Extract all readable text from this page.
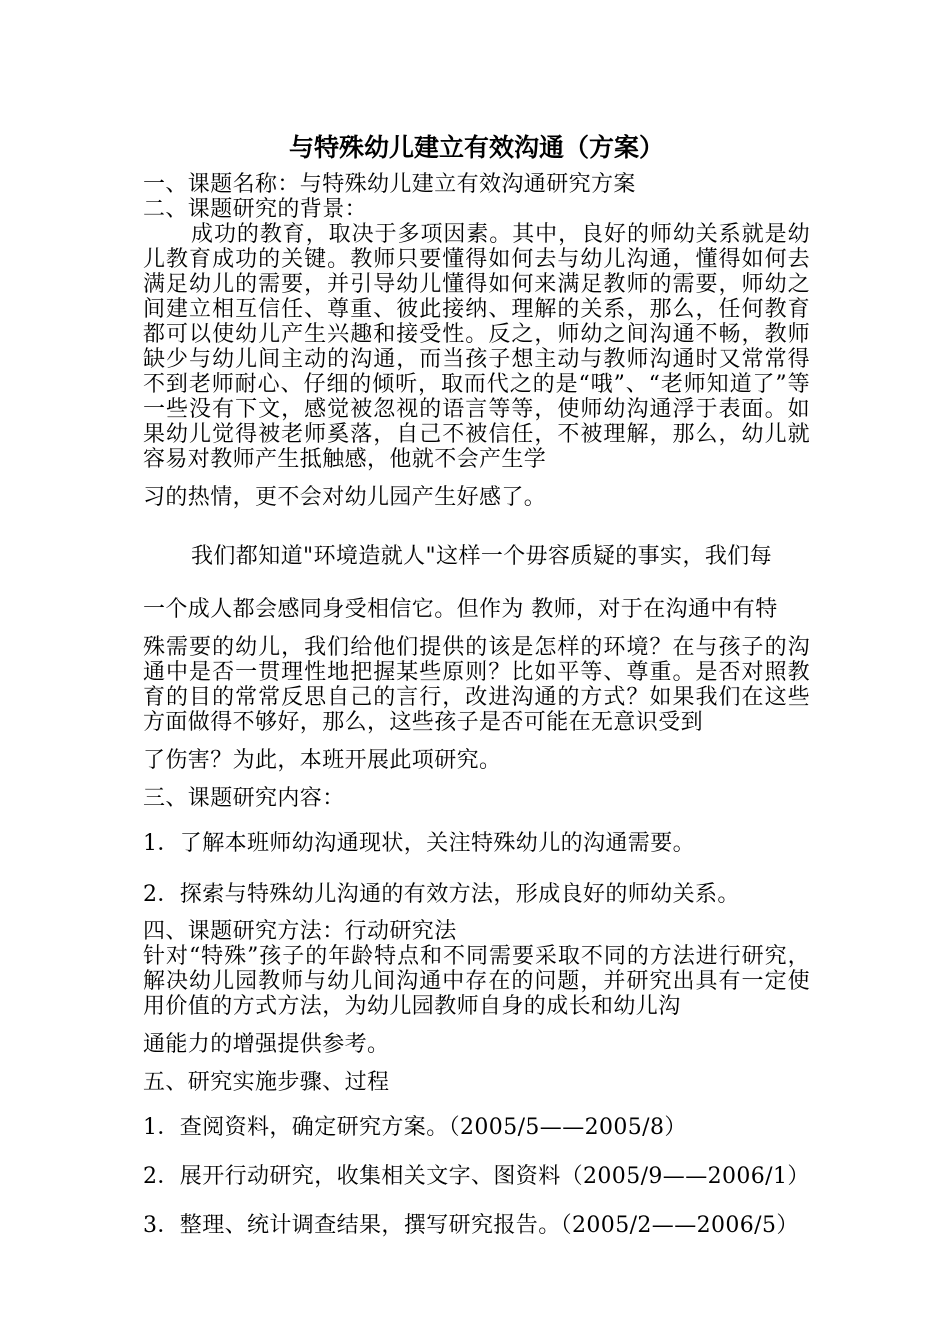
与特殊幼儿建立有效沟通（方案）

一、课题名称：与特殊幼儿建立有效沟通研究方案

二、课题研究的背景：

成功的教育，取决于多项因素。其中，良好的师幼关系就是幼儿教育成功的关键。教师只要懂得如何去与幼儿沟通，懂得如何去满足幼儿的需要，并引导幼儿懂得如何来满足教师的需要，师幼之间建立相互信任、尊重、彼此接纳、理解的关系，那么，任何教育都可以使幼儿产生兴趣和接受性。反之，师幼之间沟通不畅，教师缺少与幼儿间主动的沟通，而当孩子想主动与教师沟通时又常常得不到老师耐心、仔细的倾听，取而代之的是“哦”、“老师知道了”等一些没有下文，感觉被忽视的语言等等，使师幼沟通浮于表面。如果幼儿觉得被老师奚落，自己不被信任，不被理解，那么，幼儿就容易对教师产生抵触感，他就不会产生学

习的热情，更不会对幼儿园产生好感了。

我们都知道"环境造就人"这样一个毋容质疑的事实，我们每

一个成人都会感同身受相信它。但作为 教师，对于在沟通中有特

殊需要的幼儿，我们给他们提供的该是怎样的环境？在与孩子的沟通中是否一贯理性地把握某些原则？比如平等、尊重。是否对照教育的目的常常反思自己的言行，改进沟通的方式？如果我们在这些方面做得不够好，那么，这些孩子是否可能在无意识受到

了伤害？为此，本班开展此项研究。

三、课题研究内容：

1．了解本班师幼沟通现状，关注特殊幼儿的沟通需要。

2．探索与特殊幼儿沟通的有效方法，形成良好的师幼关系。

四、课题研究方法：行动研究法

针对“特殊”孩子的年龄特点和不同需要采取不同的方法进行研究，解决幼儿园教师与幼儿间沟通中存在的问题，并研究出具有一定使用价值的方式方法，为幼儿园教师自身的成长和幼儿沟

通能力的增强提供参考。

五、研究实施步骤、过程

1．查阅资料，确定研究方案。（2005/5——2005/8）

2．展开行动研究，收集相关文字、图资料（2005/9——2006/1）

3．整理、统计调查结果，撰写研究报告。（2005/2——2006/5）
